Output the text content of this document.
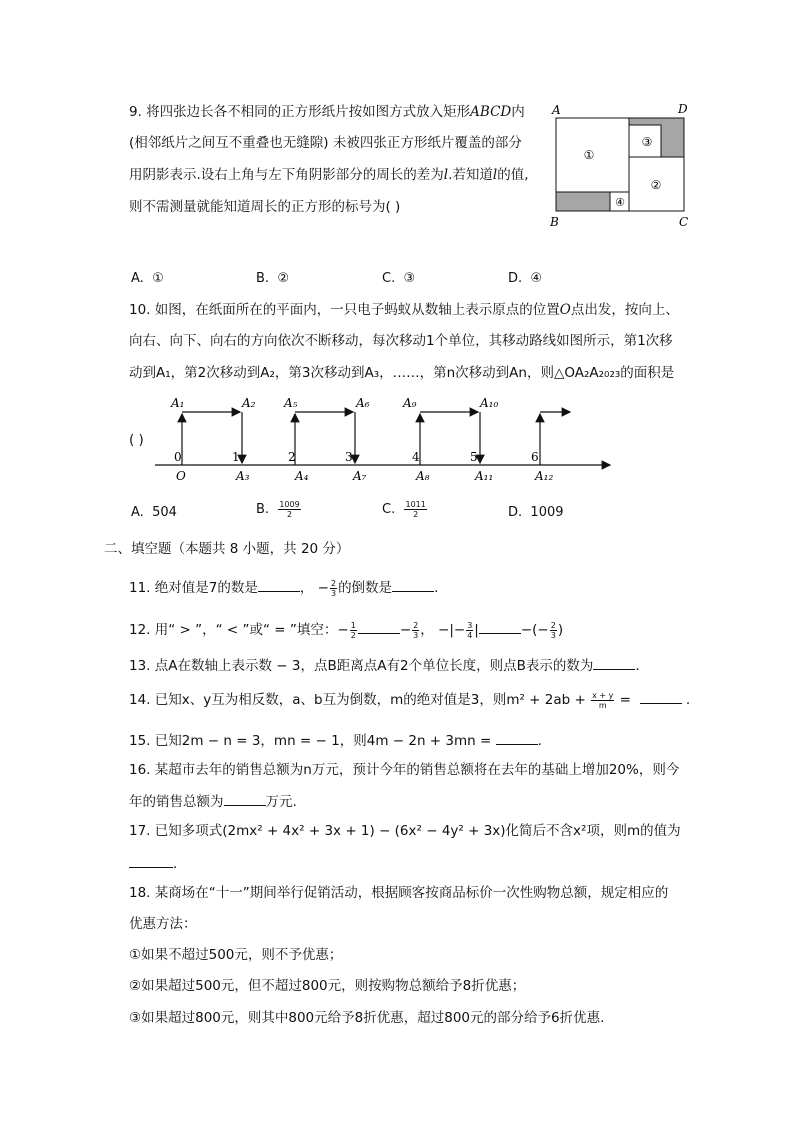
9. 将四张边长各不相同的正方形纸片按如图方式放入矩形ABCD内
(相邻纸片之间互不重叠也无缝隙) 未被四张正方形纸片覆盖的部分
用阴影表示.设右上角与左下角阴影部分的周长的差为l.若知道l的值,
则不需测量就能知道周长的正方形的标号为( )
①
③
②
④
A	D
B	C
A. ①	B. ②	C. ③	D. ④
10. 如图，在纸面所在的平面内，一只电子蚂蚁从数轴上表示原点的位置O点出发，按向上、
向右、向下、向右的方向依次不断移动，每次移动1个单位，其移动路线如图所示，第1次移
动到A₁，第2次移动到A₂，第3次移动到A₃，……，第n次移动到An，则△OA₂A₂₀₂₃的面积是
( )
A₁	A₂ A₅	A₆	A₉	A₁₀
0	1	2	3	4	5	6
O	A₃	A₄	A₇	A₈	A₁₁	A₁₂
A. 504	B. $\frac{1009}{2}$	C. $\frac{1011}{2}$	D. 1009
二、填空题（本题共 8 小题，共 20 分）
11. 绝对值是7的数是	， − $\frac{2}{3}$ 的倒数是	.
12. 用“ > ”，“ < ”或“ = ”填空：− $\frac{1}{2}$	− $\frac{2}{3}$ ， −|− $\frac{3}{4}$ |	−(− $\frac{2}{3}$ )
13. 点A在数轴上表示数 − 3，点B距离点A有2个单位长度，则点B表示的数为	.
14. 已知x、y互为相反数，a、b互为倒数，m的绝对值是3，则$m^2 + 2ab + \frac{x + y}{m}$ =	.
15. 已知2m − n = 3，mn = − 1，则4m − 2n + 3mn =	.
16. 某超市去年的销售总额为n万元，预计今年的销售总额将在去年的基础上增加20%，则今
年的销售总额为	万元.
17. 已知多项式(2mx² + 4x² + 3x + 1) − (6x² − 4y² + 3x)化简后不含x²项，则m的值为
.
18. 某商场在“十一”期间举行促销活动，根据顾客按商品标价一次性购物总额，规定相应的
优惠方法：
①如果不超过500元，则不予优惠；
②如果超过500元，但不超过800元，则按购物总额给予8折优惠；
③如果超过800元，则其中800元给予8折优惠，超过800元的部分给予6折优惠.
